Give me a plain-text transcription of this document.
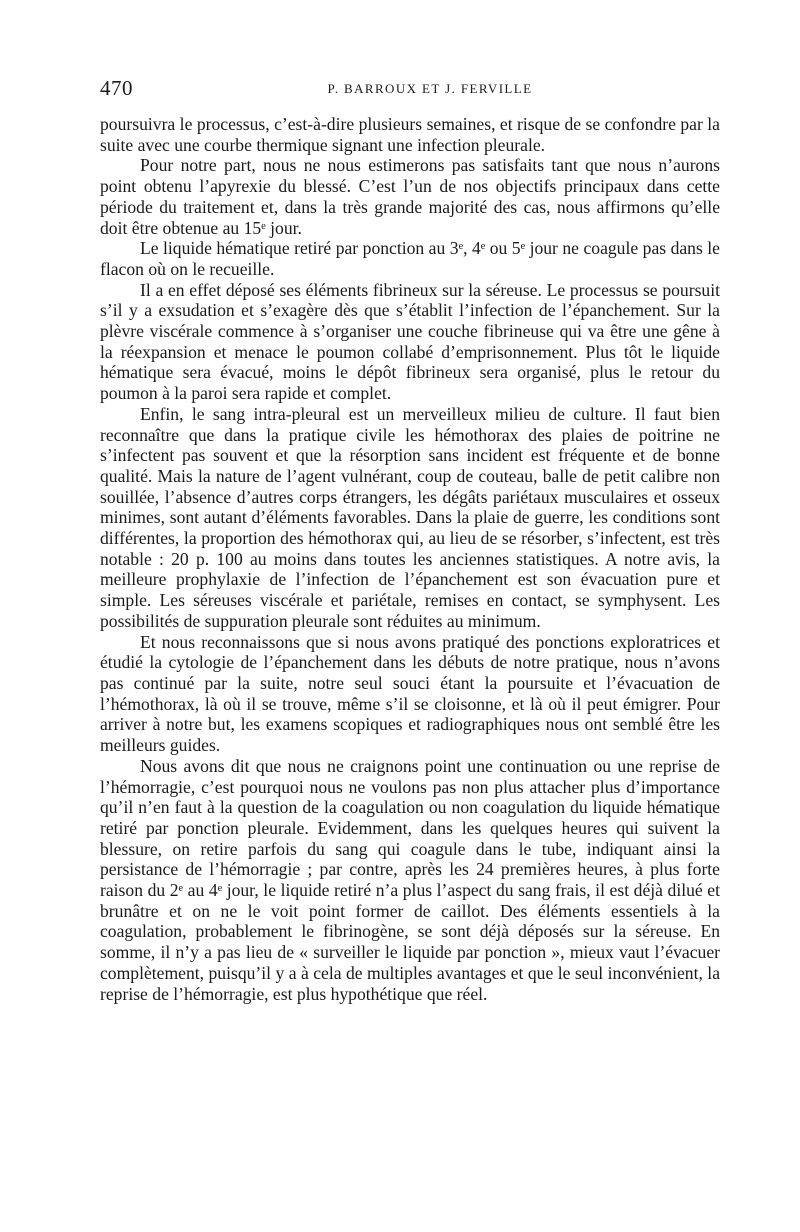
470	P. BARROUX ET J. FERVILLE

poursuivra le processus, c’est-à-dire plusieurs semaines, et risque de se confondre par la suite avec une courbe thermique signant une infection pleurale.

Pour notre part, nous ne nous estimerons pas satisfaits tant que nous n’aurons point obtenu l’apyrexie du blessé. C’est l’un de nos objectifs principaux dans cette période du traitement et, dans la très grande majorité des cas, nous affirmons qu’elle doit être obtenue au 15ᵉ jour.

Le liquide hématique retiré par ponction au 3ᵉ, 4ᵉ ou 5ᵉ jour ne coagule pas dans le flacon où on le recueille.

Il a en effet déposé ses éléments fibrineux sur la séreuse. Le processus se poursuit s’il y a exsudation et s’exagère dès que s’établit l’infection de l’épanchement. Sur la plèvre viscérale commence à s’organiser une couche fibrineuse qui va être une gêne à la réexpansion et menace le poumon collabé d’emprisonnement. Plus tôt le liquide hématique sera évacué, moins le dépôt fibrineux sera organisé, plus le retour du poumon à la paroi sera rapide et complet.

Enfin, le sang intra-pleural est un merveilleux milieu de culture. Il faut bien reconnaître que dans la pratique civile les hémothorax des plaies de poitrine ne s’infectent pas souvent et que la résorption sans incident est fréquente et de bonne qualité. Mais la nature de l’agent vulnérant, coup de couteau, balle de petit calibre non souillée, l’absence d’autres corps étrangers, les dégâts pariétaux musculaires et osseux minimes, sont autant d’éléments favorables. Dans la plaie de guerre, les conditions sont différentes, la proportion des hémothorax qui, au lieu de se résorber, s’infectent, est très notable : 20 p. 100 au moins dans toutes les anciennes statistiques. A notre avis, la meilleure prophylaxie de l’infection de l’épanchement est son évacuation pure et simple. Les séreuses viscérale et pariétale, remises en contact, se symphysent. Les possibilités de suppuration pleurale sont réduites au minimum.

Et nous reconnaissons que si nous avons pratiqué des ponctions exploratrices et étudié la cytologie de l’épanchement dans les débuts de notre pratique, nous n’avons pas continué par la suite, notre seul souci étant la poursuite et l’évacuation de l’hémothorax, là où il se trouve, même s’il se cloisonne, et là où il peut émigrer. Pour arriver à notre but, les examens scopiques et radiographiques nous ont semblé être les meilleurs guides.

Nous avons dit que nous ne craignons point une continuation ou une reprise de l’hémorragie, c’est pourquoi nous ne voulons pas non plus attacher plus d’importance qu’il n’en faut à la question de la coagulation ou non coagulation du liquide hématique retiré par ponction pleurale. Evidemment, dans les quelques heures qui suivent la blessure, on retire parfois du sang qui coagule dans le tube, indiquant ainsi la persistance de l’hémorragie ; par contre, après les 24 premières heures, à plus forte raison du 2ᵉ au 4ᵉ jour, le liquide retiré n’a plus l’aspect du sang frais, il est déjà dilué et brunâtre et on ne le voit point former de caillot. Des éléments essentiels à la coagulation, probablement le fibrinogène, se sont déjà déposés sur la séreuse. En somme, il n’y a pas lieu de « surveiller le liquide par ponction », mieux vaut l’évacuer complètement, puisqu’il y a à cela de multiples avantages et que le seul inconvénient, la reprise de l’hémorragie, est plus hypothétique que réel.
